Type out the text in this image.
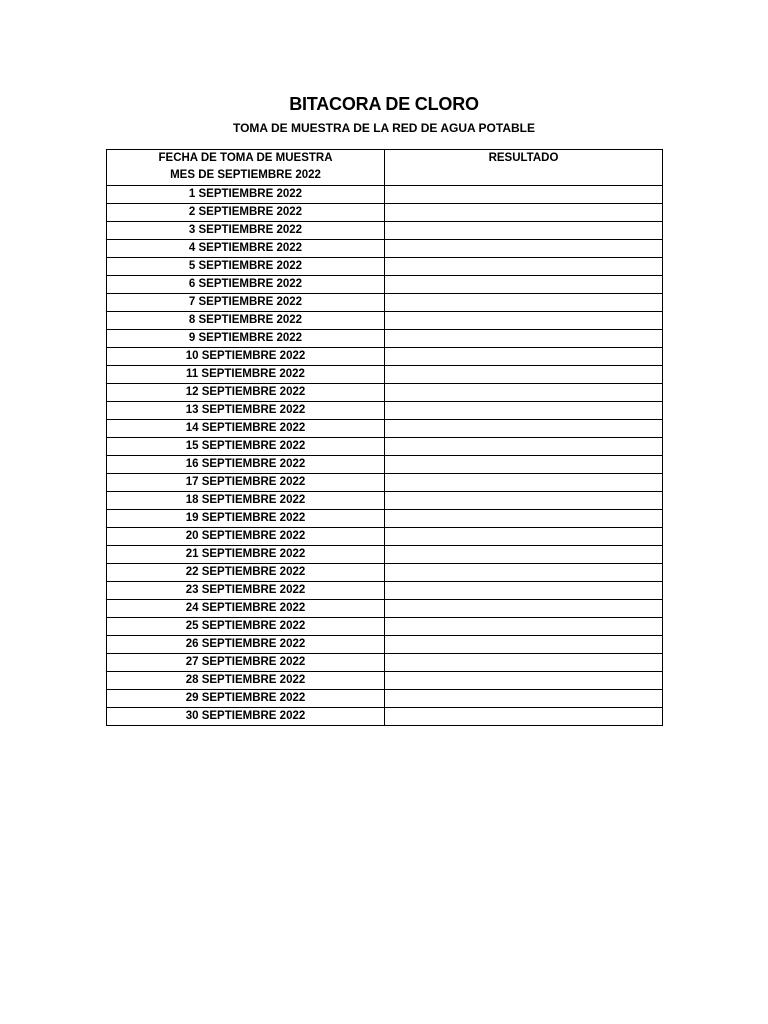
BITACORA DE CLORO
TOMA DE MUESTRA DE LA RED DE AGUA POTABLE
FECHA DE TOMA DE MUESTRA
MES DE SEPTIEMBRE 2022	RESULTADO
1 SEPTIEMBRE 2022	
2 SEPTIEMBRE 2022	
3 SEPTIEMBRE 2022	
4 SEPTIEMBRE 2022	
5 SEPTIEMBRE 2022	
6 SEPTIEMBRE 2022	
7 SEPTIEMBRE 2022	
8 SEPTIEMBRE 2022	
9 SEPTIEMBRE 2022	
10 SEPTIEMBRE 2022	
11 SEPTIEMBRE 2022	
12 SEPTIEMBRE 2022	
13 SEPTIEMBRE 2022	
14 SEPTIEMBRE 2022	
15 SEPTIEMBRE 2022	
16 SEPTIEMBRE 2022	
17 SEPTIEMBRE 2022	
18 SEPTIEMBRE 2022	
19 SEPTIEMBRE 2022	
20 SEPTIEMBRE 2022	
21 SEPTIEMBRE 2022	
22 SEPTIEMBRE 2022	
23 SEPTIEMBRE 2022	
24 SEPTIEMBRE 2022	
25 SEPTIEMBRE 2022	
26 SEPTIEMBRE 2022	
27 SEPTIEMBRE 2022	
28 SEPTIEMBRE 2022	
29 SEPTIEMBRE 2022	
30 SEPTIEMBRE 2022	
